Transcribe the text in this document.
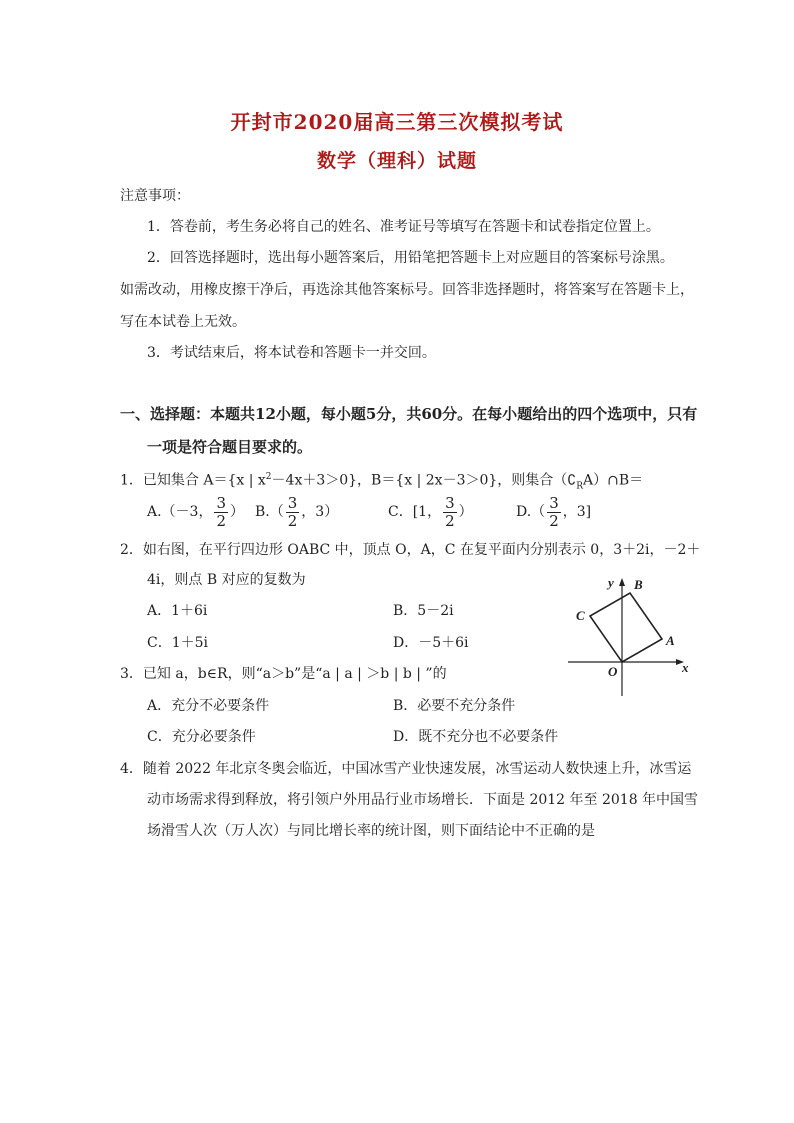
开封市2020届高三第三次模拟考试
数学（理科）试题
注意事项：
1．答卷前，考生务必将自己的姓名、准考证号等填写在答题卡和试卷指定位置上。
2．回答选择题时，选出每小题答案后，用铅笔把答题卡上对应题目的答案标号涂黑。
如需改动，用橡皮擦干净后，再选涂其他答案标号。回答非选择题时，将答案写在答题卡上，
写在本试卷上无效。
3．考试结束后，将本试卷和答题卡一并交回。
一、选择题：本题共12小题，每小题5分，共60分。在每小题给出的四个选项中，只有
一项是符合题目要求的。
1．已知集合 A＝{x | $x^2-4x+3>0$}，B＝{x | 2x－3＞0}，则集合$(∁_RA)\cap B=$
A.（－3， $\frac{3}{2}$ ） $B.( \frac{3}{2}$ ，3）	C．[1， $\frac{3}{2}$ ）	$D.( \frac{3}{2}$ ，3]
2．如右图，在平行四边形 OABC 中，顶点 O，A，C 在复平面内分别表示 0，3＋2i，－2＋
4i，则点 B 对应的复数为
A．1＋6i	B．5－2i
C．1＋5i	D．－5＋6i
y B
C
A
O	x
3．已知 a，b∈R，则“a＞b”是“a | a | ＞b | b | ”的
A．充分不必要条件	B．必要不充分条件
C．充分必要条件	D．既不充分也不必要条件
4．随着 2022 年北京冬奥会临近，中国冰雪产业快速发展，冰雪运动人数快速上升，冰雪运
动市场需求得到释放，将引领户外用品行业市场增长．下面是 2012 年至 2018 年中国雪
场滑雪人次（万人次）与同比增长率的统计图，则下面结论中不正确的是
